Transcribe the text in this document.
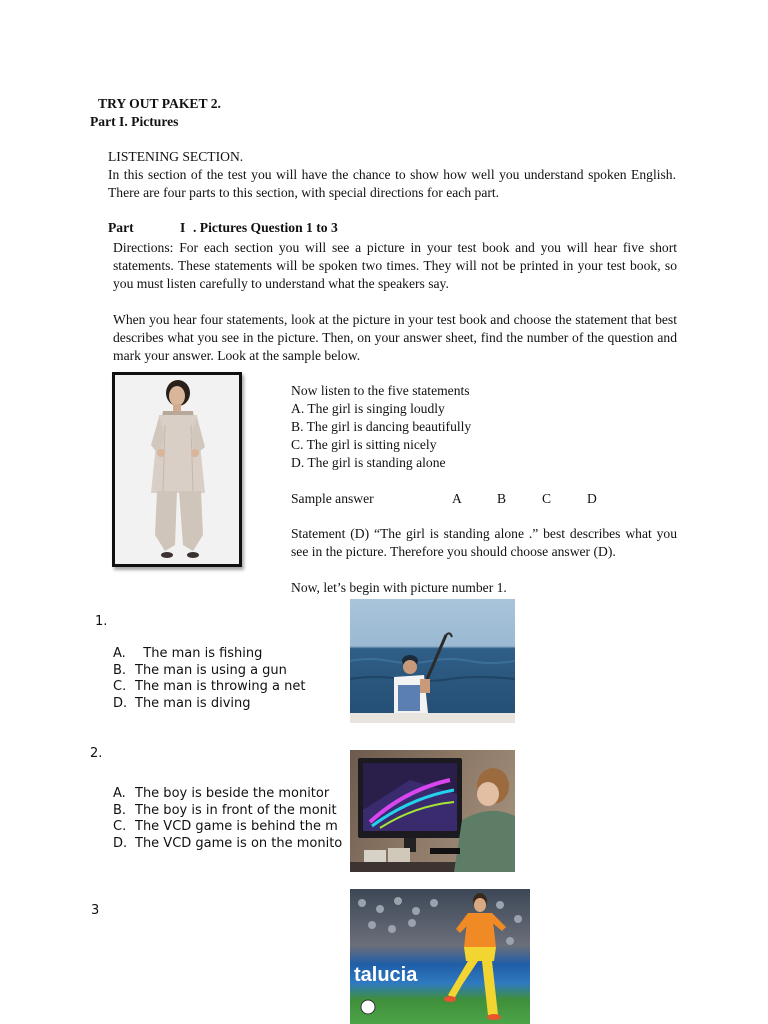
TRY OUT PAKET 2.
Part I. Pictures
LISTENING SECTION.
In this section of the test you will have the chance to show how well you understand spoken English. There are four parts to this section, with special directions for each part.
Part	I . Pictures Question 1 to 3
Directions: For each section you will see a picture in your test book and you will hear five short statements. These statements will be spoken two times. They will not be printed in your test book, so you must listen carefully to understand what the speakers say.
When you hear four statements, look at the picture in your test book and choose the statement that best describes what you see in the picture. Then, on your answer sheet, find the number of the question and mark your answer. Look at the sample below.
Now listen to the five statements
A. The girl is singing loudly
B. The girl is dancing beautifully
C. The girl is sitting nicely
D. The girl is standing alone
Sample answer	A	B	C	D
Statement (D) “The girl is standing alone .” best describes what you see in the picture. Therefore you should choose answer (D).
Now, let’s begin with picture number 1.
1.
A. The man is fishing
B. The man is using a gun
C. The man is throwing a net
D. The man is diving
2.
A. The boy is beside the monitor
B. The boy is in front of the monit
C. The VCD game is behind the m
D. The VCD game is on the monito
3
talucia
